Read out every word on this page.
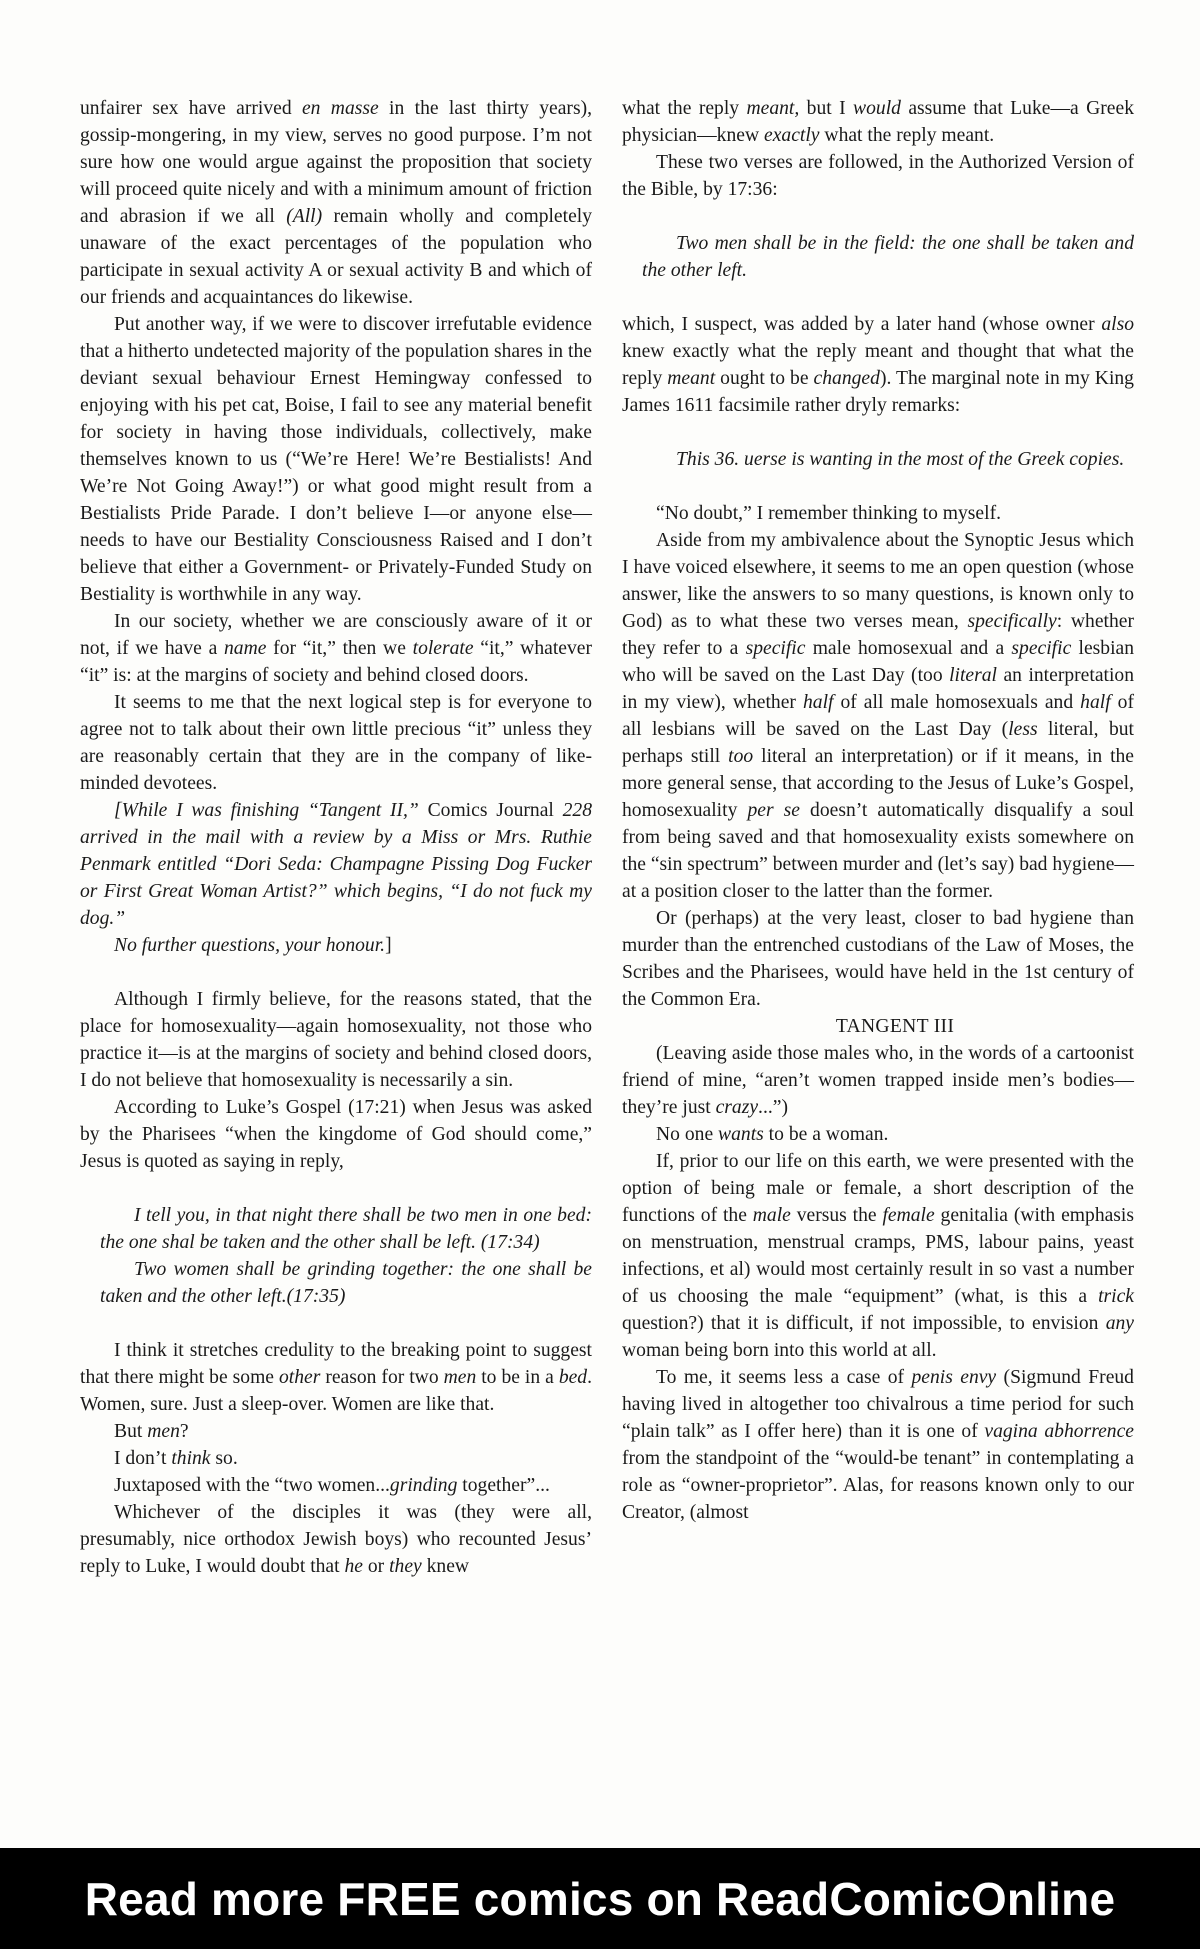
unfairer sex have arrived en masse in the last thirty years), gossip-mongering, in my view, serves no good purpose. I’m not sure how one would argue against the proposition that society will proceed quite nicely and with a minimum amount of friction and abrasion if we all (All) remain wholly and completely unaware of the exact percentages of the population who participate in sexual activity A or sexual activity B and which of our friends and acquaintances do likewise.

Put another way, if we were to discover irrefutable evidence that a hitherto undetected majority of the population shares in the deviant sexual behaviour Ernest Hemingway confessed to enjoying with his pet cat, Boise, I fail to see any material benefit for society in having those individuals, collectively, make themselves known to us (“We’re Here! We’re Bestialists! And We’re Not Going Away!”) or what good might result from a Bestialists Pride Parade. I don’t believe I—or anyone else—needs to have our Bestiality Consciousness Raised and I don’t believe that either a Government- or Privately-Funded Study on Bestiality is worthwhile in any way.

In our society, whether we are consciously aware of it or not, if we have a name for “it,” then we tolerate “it,” whatever “it” is: at the margins of society and behind closed doors.

It seems to me that the next logical step is for everyone to agree not to talk about their own little precious “it” unless they are reasonably certain that they are in the company of like-minded devotees.

[While I was finishing “Tangent II,” Comics Journal 228 arrived in the mail with a review by a Miss or Mrs. Ruthie Penmark entitled “Dori Seda: Champagne Pissing Dog Fucker or First Great Woman Artist?” which begins, “I do not fuck my dog.”

No further questions, your honour.]

Although I firmly believe, for the reasons stated, that the place for homosexuality—again homosexuality, not those who practice it—is at the margins of society and behind closed doors, I do not believe that homosexuality is necessarily a sin.

According to Luke’s Gospel (17:21) when Jesus was asked by the Pharisees “when the kingdome of God should come,” Jesus is quoted as saying in reply,

I tell you, in that night there shall be two men in one bed: the one shal be taken and the other shall be left. (17:34)

Two women shall be grinding together: the one shall be taken and the other left.(17:35)

I think it stretches credulity to the breaking point to suggest that there might be some other reason for two men to be in a bed. Women, sure. Just a sleep-over. Women are like that.

But men?

I don’t think so.

Juxtaposed with the “two women...grinding together”...

Whichever of the disciples it was (they were all, presumably, nice orthodox Jewish boys) who recounted Jesus’ reply to Luke, I would doubt that he or they knew

what the reply meant, but I would assume that Luke—a Greek physician—knew exactly what the reply meant.

These two verses are followed, in the Authorized Version of the Bible, by 17:36:

Two men shall be in the field: the one shall be taken and the other left.

which, I suspect, was added by a later hand (whose owner also knew exactly what the reply meant and thought that what the reply meant ought to be changed). The marginal note in my King James 1611 facsimile rather dryly remarks:

This 36. uerse is wanting in the most of the Greek copies.

“No doubt,” I remember thinking to myself.

Aside from my ambivalence about the Synoptic Jesus which I have voiced elsewhere, it seems to me an open question (whose answer, like the answers to so many questions, is known only to God) as to what these two verses mean, specifically: whether they refer to a specific male homosexual and a specific lesbian who will be saved on the Last Day (too literal an interpretation in my view), whether half of all male homosexuals and half of all lesbians will be saved on the Last Day (less literal, but perhaps still too literal an interpretation) or if it means, in the more general sense, that according to the Jesus of Luke’s Gospel, homosexuality per se doesn’t automatically disqualify a soul from being saved and that homosexuality exists somewhere on the “sin spectrum” between murder and (let’s say) bad hygiene—at a position closer to the latter than the former.

Or (perhaps) at the very least, closer to bad hygiene than murder than the entrenched custodians of the Law of Moses, the Scribes and the Pharisees, would have held in the 1st century of the Common Era.

TANGENT III

(Leaving aside those males who, in the words of a cartoonist friend of mine, “aren’t women trapped inside men’s bodies—they’re just crazy...”)

No one wants to be a woman.

If, prior to our life on this earth, we were presented with the option of being male or female, a short description of the functions of the male versus the female genitalia (with emphasis on menstruation, menstrual cramps, PMS, labour pains, yeast infections, et al) would most certainly result in so vast a number of us choosing the male “equipment” (what, is this a trick question?) that it is difficult, if not impossible, to envision any woman being born into this world at all.

To me, it seems less a case of penis envy (Sigmund Freud having lived in altogether too chivalrous a time period for such “plain talk” as I offer here) than it is one of vagina abhorrence from the standpoint of the “would-be tenant” in contemplating a role as “owner-proprietor”. Alas, for reasons known only to our Creator, (almost

Read more FREE comics on ReadComicOnline
